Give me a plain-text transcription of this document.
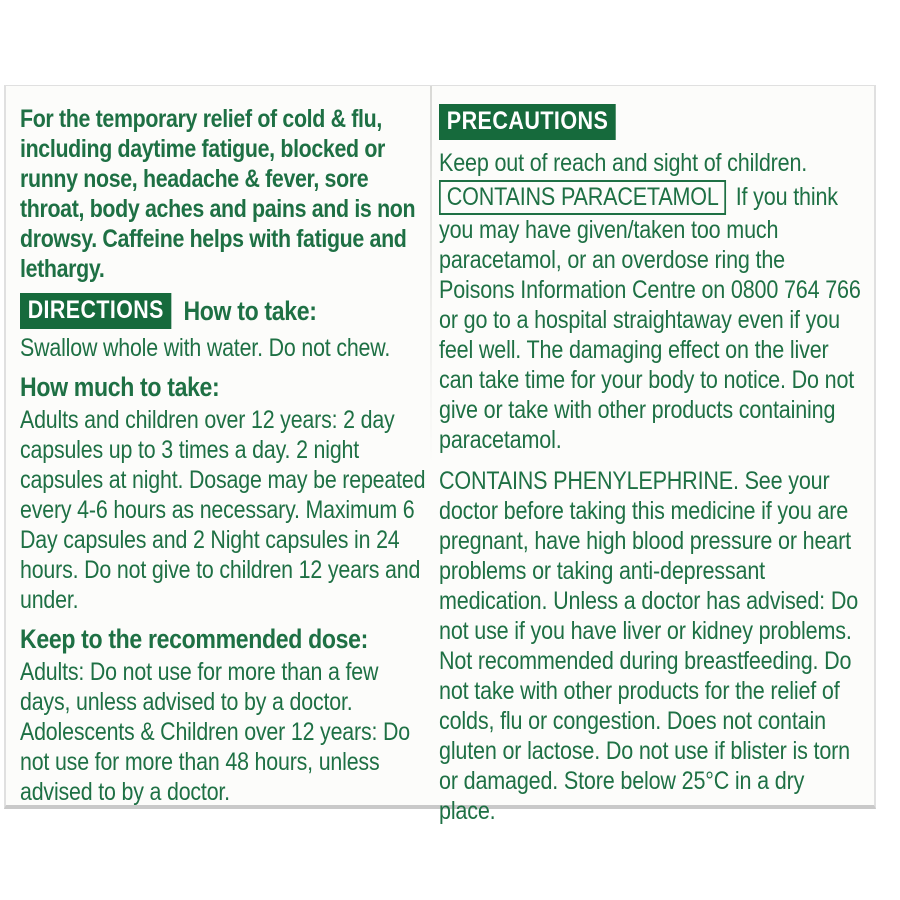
For the temporary relief of cold & flu, including daytime fatigue, blocked or runny nose, headache & fever, sore throat, body aches and pains and is non drowsy. Caffeine helps with fatigue and lethargy.

DIRECTIONS How to take:

Swallow whole with water. Do not chew.

How much to take:

Adults and children over 12 years: 2 day capsules up to 3 times a day. 2 night capsules at night. Dosage may be repeated every 4-6 hours as necessary. Maximum 6 Day capsules and 2 Night capsules in 24 hours. Do not give to children 12 years and under.

Keep to the recommended dose:

Adults: Do not use for more than a few days, unless advised to by a doctor. Adolescents & Children over 12 years: Do not use for more than 48 hours, unless advised to by a doctor.

PRECAUTIONS

Keep out of reach and sight of children.

CONTAINS PARACETAMOL If you think you may have given/taken too much paracetamol, or an overdose ring the Poisons Information Centre on 0800 764 766 or go to a hospital straightaway even if you feel well. The damaging effect on the liver can take time for your body to notice. Do not give or take with other products containing paracetamol.

CONTAINS PHENYLEPHRINE. See your doctor before taking this medicine if you are pregnant, have high blood pressure or heart problems or taking anti-depressant medication. Unless a doctor has advised: Do not use if you have liver or kidney problems. Not recommended during breastfeeding. Do not take with other products for the relief of colds, flu or congestion. Does not contain gluten or lactose. Do not use if blister is torn or damaged. Store below 25°C in a dry place.
